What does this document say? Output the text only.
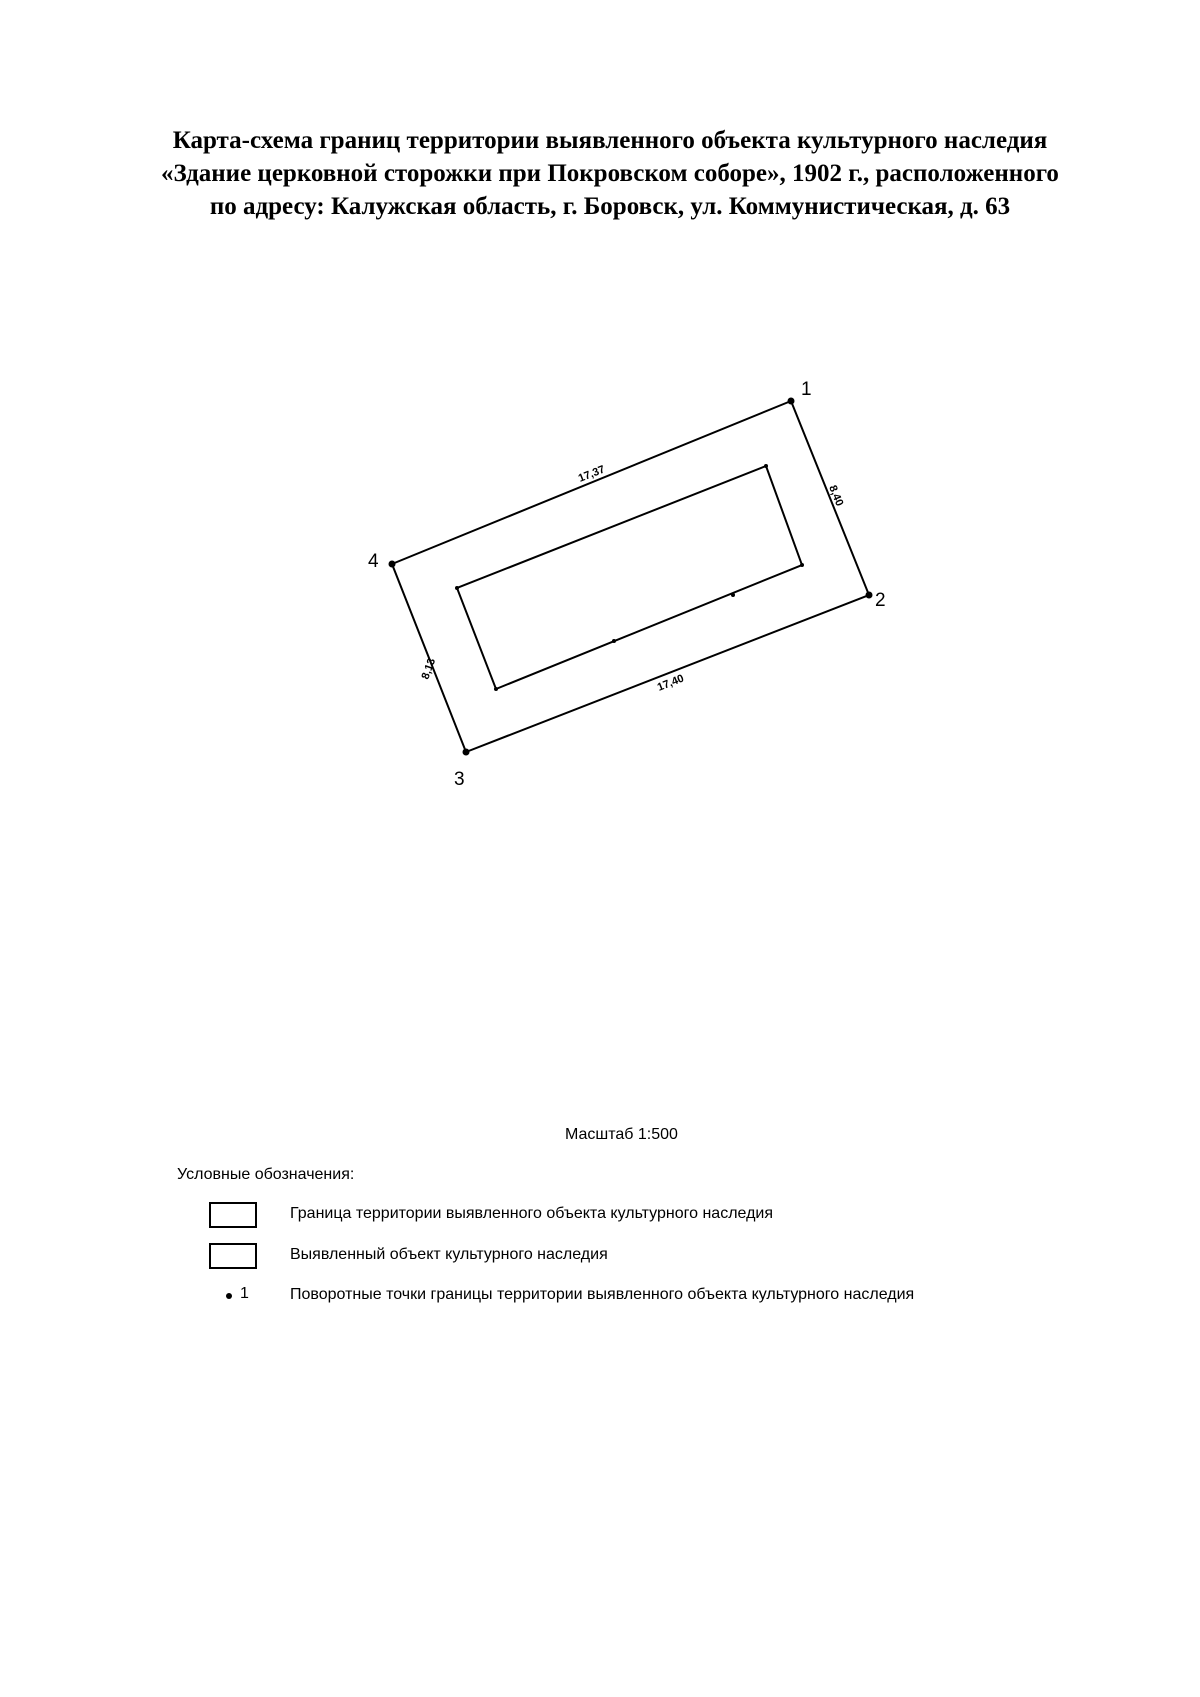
Карта-схема границ территории выявленного объекта культурного наследия
«Здание церковной сторожки при Покровском соборе», 1902 г., расположенного
по адресу: Калужская область, г. Боровск, ул. Коммунистическая, д. 63
1
2
3
4
17,37
8,40
17,40
8,13
Масштаб 1:500
Условные обозначения:
Граница территории выявленного объекта культурного наследия
Выявленный объект культурного наследия
1	Поворотные точки границы территории выявленного объекта культурного наследия
